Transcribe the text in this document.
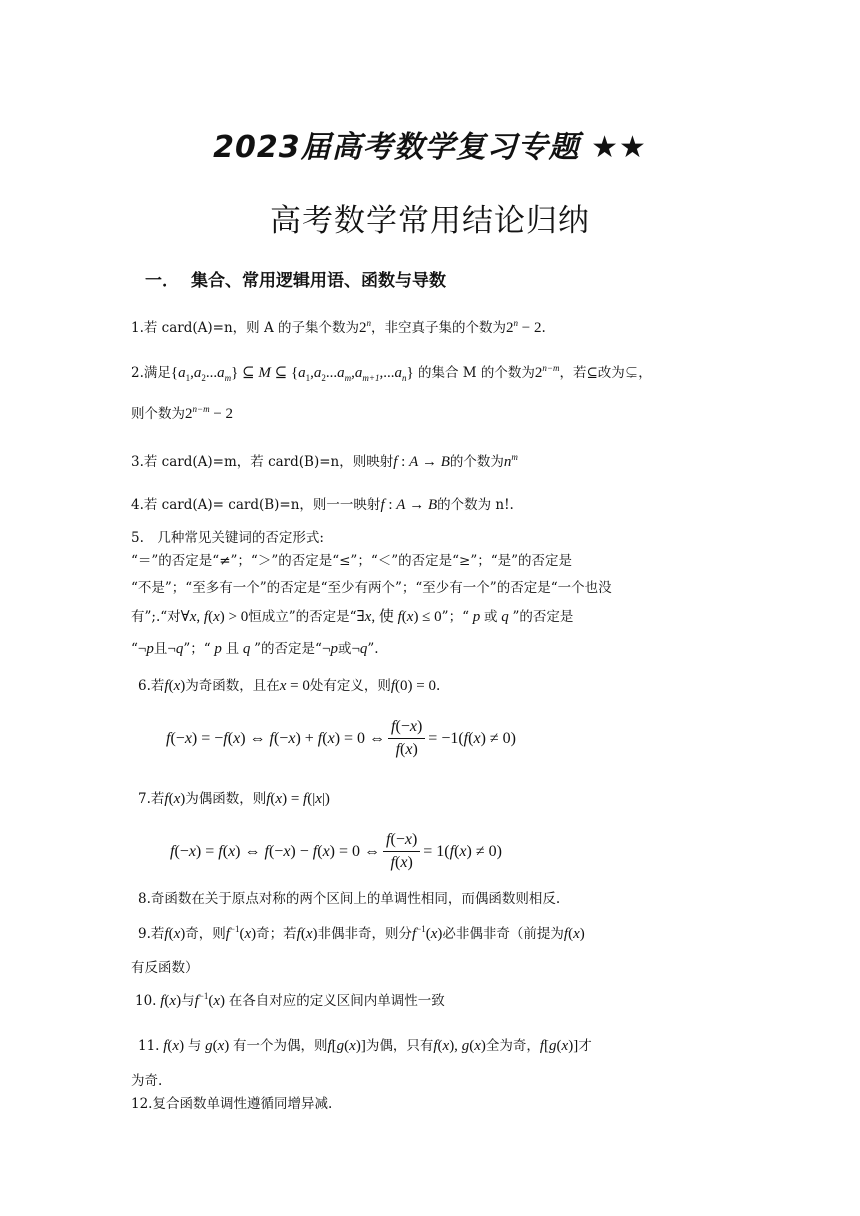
2023届高考数学复习专题 ★★
高考数学常用结论归纳
一． 集合、常用逻辑用语、函数与导数
1.若 card(A)=n，则 A 的子集个数为2$^n$，非空真子集的个数为$2^n - 2$.
2.满足$\{a_1,a_2...a_m\}$ ⊆ M ⊆ $\{a_1,a_2...a_m,a_{m+1},...a_n\}$ 的集合 M 的个数为$2^{n-m}$，若⊆改为⊊，
则个数为$2^{n-m} - 2$
3.若 card(A)=m，若 card(B)=n，则映射f : A → B的个数为$n^m$
4.若 card(A)= card(B)=n，则一一映射f : A → B的个数为 n!.
5.　几种常见关键词的否定形式:
“＝”的否定是“≠”；“＞”的否定是“≤”；“＜”的否定是“≥”；“是”的否定是
“不是”；“至多有一个”的否定是“至少有两个”；“至少有一个”的否定是“一个也没
有”;.“对∀x, f(x) > 0恒成立”的否定是“∃x, 使 f(x) ≤ 0”；“ p 或 q ”的否定是
“¬p且¬q”；“ p 且 q ”的否定是“¬p或¬q”.
6.若f(x)为奇函数，且在x = 0处有定义，则f(0) = 0.
f(−x) = −f(x) ⇔ f(−x) + f(x) = 0 ⇔ $\frac{f(-x)}{f(x)} = -1(f(x) \ne 0)$
7.若f(x)为偶函数，则f(x) = f(|x|)
f(−x) = f(x) ⇔ f(−x) − f(x) = 0 ⇔ $\frac{f(-x)}{f(x)} = 1(f(x) \ne 0)$
8.奇函数在关于原点对称的两个区间上的单调性相同，而偶函数则相反.
9.若f(x)奇，则$f^{-1}(x)$奇；若f(x)非偶非奇，则分$f^{-1}(x)$必非偶非奇（前提为f(x)
有反函数）
10. f(x)与$f^{-1}(x)$ 在各自对应的定义区间内单调性一致
11. f(x) 与 g(x) 有一个为偶，则f[g(x)]为偶，只有f(x), g(x)全为奇，f[g(x)]才
为奇.
12.复合函数单调性遵循同增异减.
